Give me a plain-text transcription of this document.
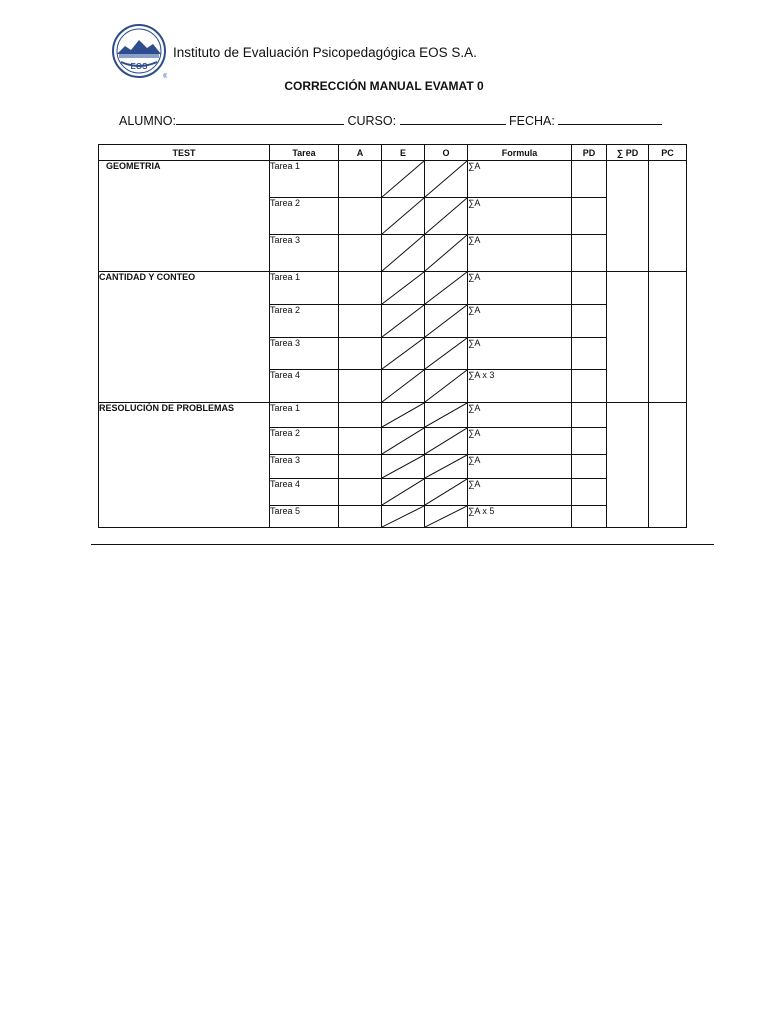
EOS
®
Instituto de Evaluación Psicopedagógica EOS S.A.
CORRECCIÓN MANUAL EVAMAT 0
ALUMNO:	CURSO:	FECHA:
TEST	Tarea	A	E	O	Formula	PD	∑ PD	PC
GEOMETRIA	Tarea 1				∑A			
	Tarea 2				∑A			
	Tarea 3				∑A			
CANTIDAD Y CONTEO	Tarea 1				∑A			
	Tarea 2				∑A			
	Tarea 3				∑A			
	Tarea 4				∑A x 3			
RESOLUCIÓN DE PROBLEMAS	Tarea 1				∑A			
	Tarea 2				∑A			
	Tarea 3				∑A			
	Tarea 4				∑A			
	Tarea 5				∑A x 5			
